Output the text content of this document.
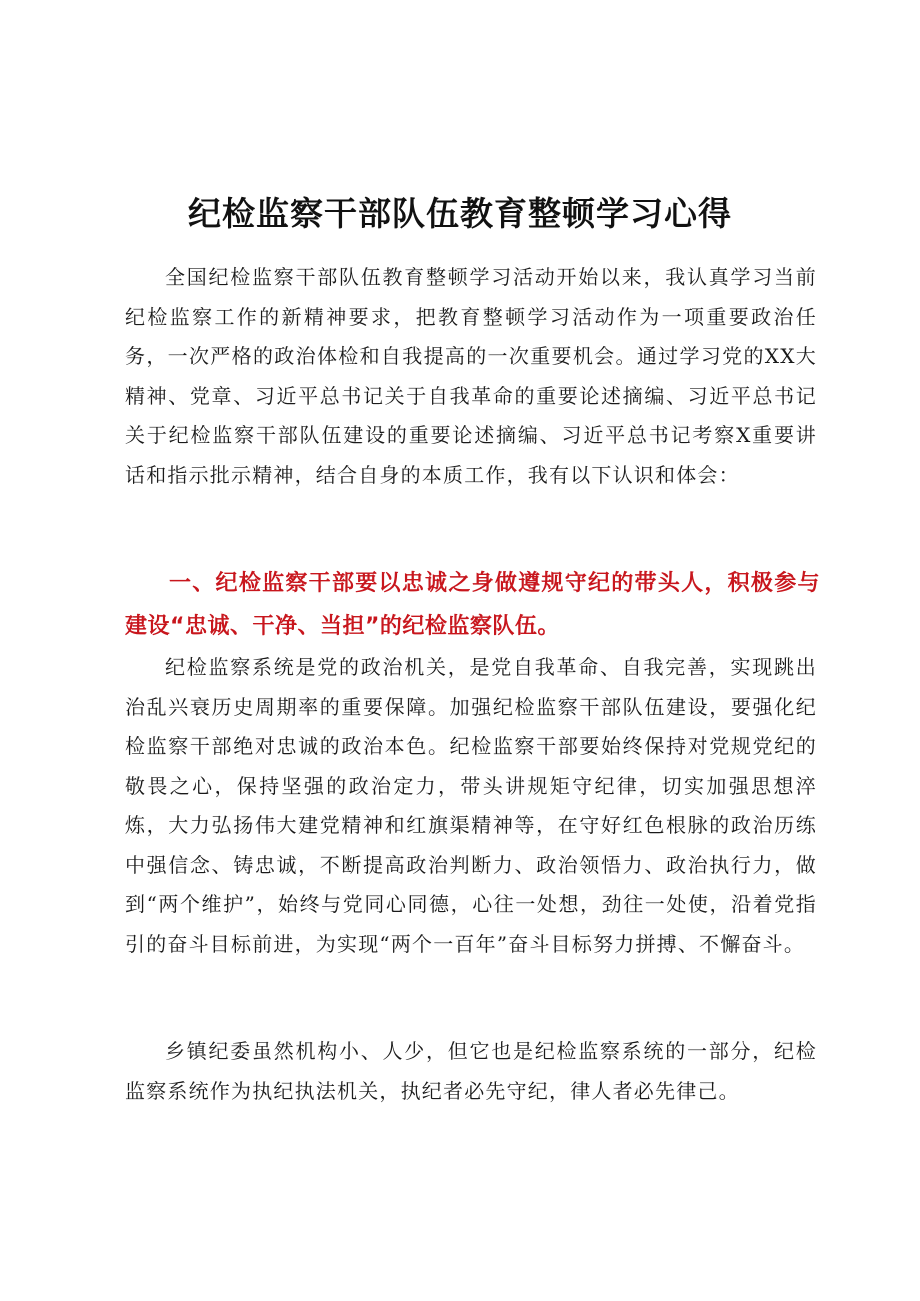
纪检监察干部队伍教育整顿学习心得

全国纪检监察干部队伍教育整顿学习活动开始以来，我认真学习当前纪检监察工作的新精神要求，把教育整顿学习活动作为一项重要政治任务，一次严格的政治体检和自我提高的一次重要机会。通过学习党的XX大精神、党章、习近平总书记关于自我革命的重要论述摘编、习近平总书记关于纪检监察干部队伍建设的重要论述摘编、习近平总书记考察X重要讲话和指示批示精神，结合自身的本质工作，我有以下认识和体会：

一、纪检监察干部要以忠诚之身做遵规守纪的带头人，积极参与建设“忠诚、干净、当担”的纪检监察队伍。

纪检监察系统是党的政治机关，是党自我革命、自我完善，实现跳出治乱兴衰历史周期率的重要保障。加强纪检监察干部队伍建设，要强化纪检监察干部绝对忠诚的政治本色。纪检监察干部要始终保持对党规党纪的敬畏之心，保持坚强的政治定力，带头讲规矩守纪律，切实加强思想淬炼，大力弘扬伟大建党精神和红旗渠精神等，在守好红色根脉的政治历练中强信念、铸忠诚，不断提高政治判断力、政治领悟力、政治执行力，做到“两个维护”，始终与党同心同德，心往一处想，劲往一处使，沿着党指引的奋斗目标前进，为实现“两个一百年”奋斗目标努力拼搏、不懈奋斗。

乡镇纪委虽然机构小、人少，但它也是纪检监察系统的一部分，纪检监察系统作为执纪执法机关，执纪者必先守纪，律人者必先律己。
